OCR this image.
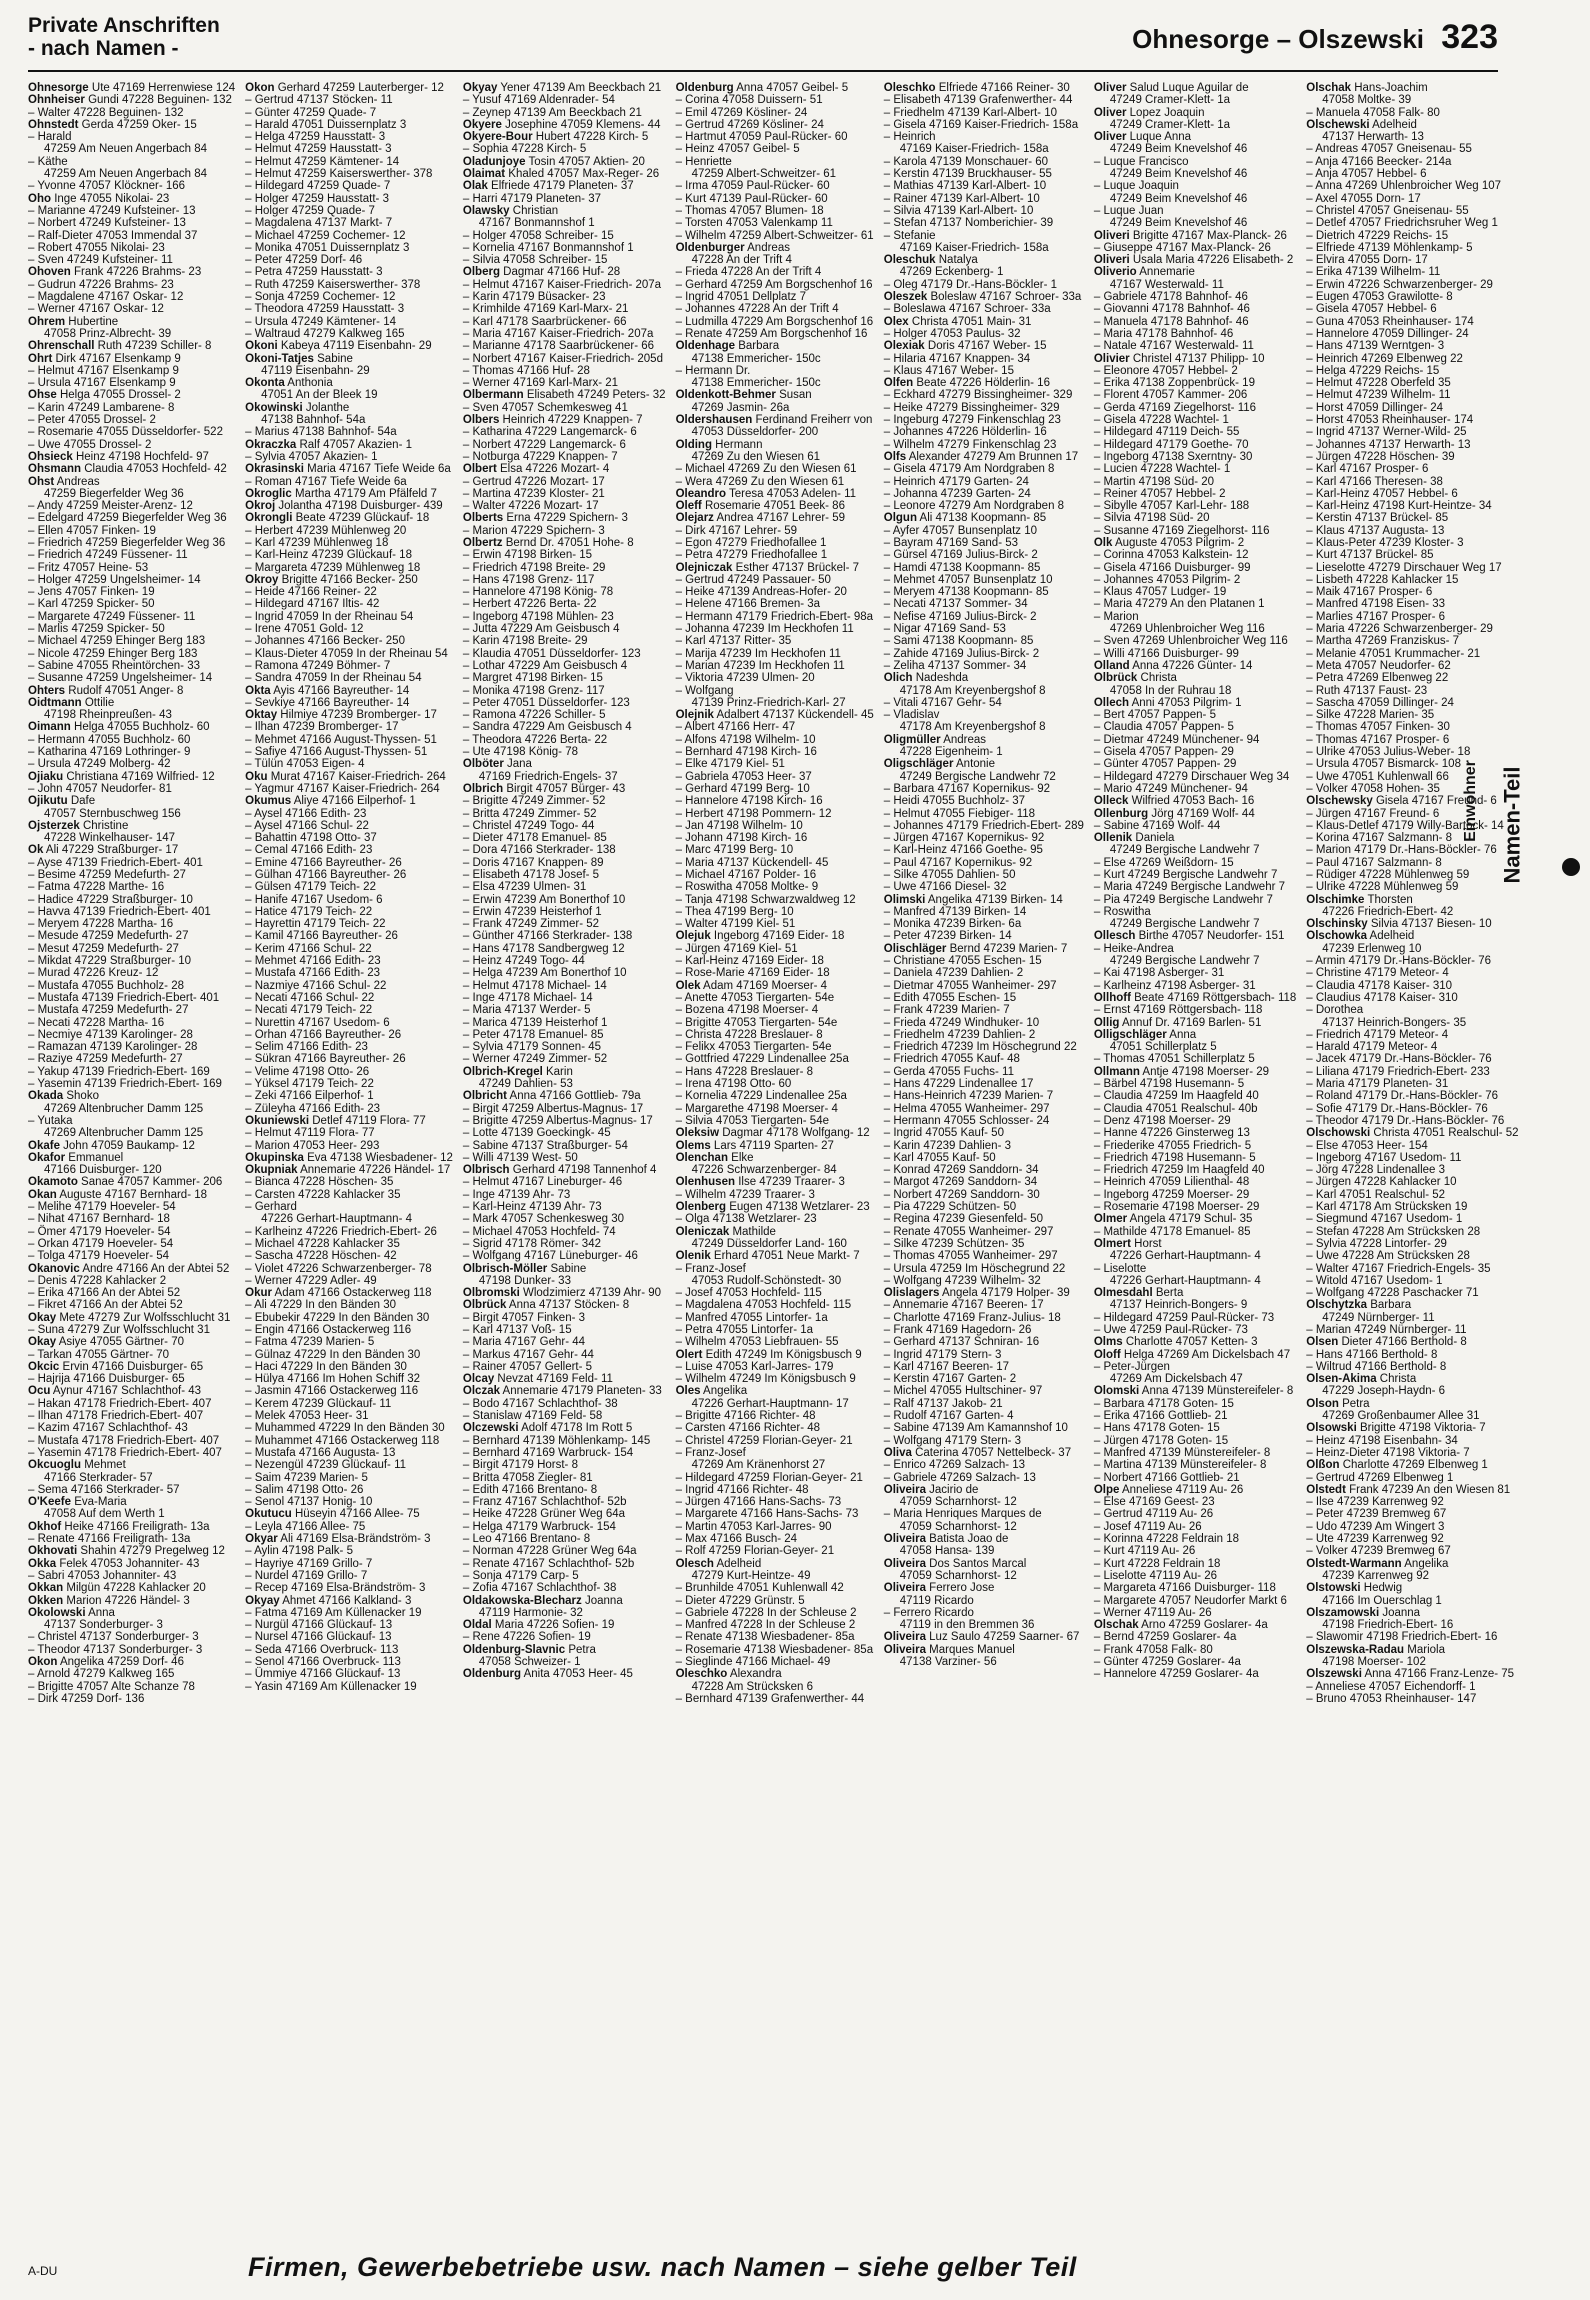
Private Anschriften
- nach Namen -	Ohnesorge – Olszewski 323
Ohnesorge Ute 47169 Herrenwiese 124
Ohnheiser Gundi 47228 Beguinen- 132
– Walter 47228 Beguinen- 132
Ohnstedt Gerda 47259 Oker- 15
– Harald
47259 Am Neuen Angerbach 84
– Käthe
47259 Am Neuen Angerbach 84
– Yvonne 47057 Klöckner- 166
Oho Inge 47055 Nikolai- 23
– Marianne 47249 Kufsteiner- 13
– Norbert 47249 Kufsteiner- 13
– Ralf-Dieter 47053 Immendal 37
– Robert 47055 Nikolai- 23
– Sven 47249 Kufsteiner- 11
Ohoven Frank 47226 Brahms- 23
– Gudrun 47226 Brahms- 23
– Magdalene 47167 Oskar- 12
– Werner 47167 Oskar- 12
Ohrem Hubertine
47058 Prinz-Albrecht- 39
Ohrenschall Ruth 47239 Schiller- 8
Ohrt Dirk 47167 Elsenkamp 9
– Helmut 47167 Elsenkamp 9
– Ursula 47167 Elsenkamp 9
Ohse Helga 47055 Drossel- 2
– Karin 47249 Lambarene- 8
– Peter 47055 Drossel- 2
– Rosemarie 47055 Düsseldorfer- 522
– Uwe 47055 Drossel- 2
Ohsieck Heinz 47198 Hochfeld- 97
Ohsmann Claudia 47053 Hochfeld- 42
Ohst Andreas
47259 Biegerfelder Weg 36
– Andy 47259 Meister-Arenz- 12
– Edelgard 47259 Biegerfelder Weg 36
– Ellen 47057 Finken- 19
– Friedrich 47259 Biegerfelder Weg 36
– Friedrich 47249 Füssener- 11
– Fritz 47057 Heine- 53
– Holger 47259 Ungelsheimer- 14
– Jens 47057 Finken- 19
– Karl 47259 Spicker- 50
– Margarete 47249 Füssener- 11
– Marlis 47259 Spicker- 50
– Michael 47259 Ehinger Berg 183
– Nicole 47259 Ehinger Berg 183
– Sabine 47055 Rheintörchen- 33
– Susanne 47259 Ungelsheimer- 14
Ohters Rudolf 47051 Anger- 8
Oidtmann Ottilie
47198 Rheinpreußen- 43
Oimann Helga 47055 Buchholz- 60
– Hermann 47055 Buchholz- 60
– Katharina 47169 Lothringer- 9
– Ursula 47249 Molberg- 42
Ojiaku Christiana 47169 Wilfried- 12
– John 47057 Neudorfer- 81
Ojikutu Dafe
47057 Sternbuschweg 156
Ojsterzek Christine
47228 Winkelhauser- 147
Ok Ali 47229 Straßburger- 17
– Ayse 47139 Friedrich-Ebert- 401
– Besime 47259 Medefurth- 27
– Fatma 47228 Marthe- 16
– Hadice 47229 Straßburger- 10
– Havva 47139 Friedrich-Ebert- 401
– Meryem 47228 Martha- 16
– Mesude 47259 Medefurth- 27
– Mesut 47259 Medefurth- 27
– Mikdat 47229 Straßburger- 10
– Murad 47226 Kreuz- 12
– Mustafa 47055 Buchholz- 28
– Mustafa 47139 Friedrich-Ebert- 401
– Mustafa 47259 Medefurth- 27
– Necati 47228 Martha- 16
– Necmiye 47139 Karolinger- 28
– Ramazan 47139 Karolinger- 28
– Raziye 47259 Medefurth- 27
– Yakup 47139 Friedrich-Ebert- 169
– Yasemin 47139 Friedrich-Ebert- 169
Okada Shoko
47269 Altenbrucher Damm 125
– Yutaka
47269 Altenbrucher Damm 125
Okafe John 47059 Baukamp- 12
Okafor Emmanuel
47166 Duisburger- 120
Okamoto Sanae 47057 Kammer- 206
Okan Auguste 47167 Bernhard- 18
– Melihe 47179 Hoeveler- 54
– Nihat 47167 Bernhard- 18
– Ömer 47179 Hoeveler- 54
– Orkan 47179 Hoeveler- 54
– Tolga 47179 Hoeveler- 54
Okanovic Andre 47166 An der Abtei 52
– Denis 47228 Kahlacker 2
– Erika 47166 An der Abtei 52
– Fikret 47166 An der Abtei 52
Okay Mete 47279 Zur Wolfsschlucht 31
– Suna 47279 Zur Wolfsschlucht 31
Okay Asiye 47055 Gärtner- 70
– Tarkan 47055 Gärtner- 70
Okcic Ervin 47166 Duisburger- 65
– Hajrija 47166 Duisburger- 65
Ocu Aynur 47167 Schlachthof- 43
– Hakan 47178 Friedrich-Ebert- 407
– Ilhan 47178 Friedrich-Ebert- 407
– Kazim 47167 Schlachthof- 43
– Mustafa 47178 Friedrich-Ebert- 407
– Yasemin 47178 Friedrich-Ebert- 407
Okcuoglu Mehmet
47166 Sterkrader- 57
– Sema 47166 Sterkrader- 57
O'Keefe Eva-Maria
47058 Auf dem Werth 1
Okhof Heike 47166 Freiligrath- 13a
– Renate 47166 Freiligrath- 13a
Okhovati Shahin 47279 Pregelweg 12
Okka Felek 47053 Johanniter- 43
– Sabri 47053 Johanniter- 43
Okkan Milgün 47228 Kahlacker 20
Okken Marion 47226 Händel- 3
Okolowski Anna
47137 Sonderburger- 3
– Christel 47137 Sonderburger- 3
– Theodor 47137 Sonderburger- 3
Okon Angelika 47259 Dorf- 46
– Arnold 47279 Kalkweg 165
– Brigitte 47057 Alte Schanze 78
– Dirk 47259 Dorf- 136
Okon Gerhard 47259 Lauterberger- 12
– Gertrud 47137 Stöcken- 11
– Günter 47259 Quade- 7
– Harald 47051 Duissernplatz 3
– Helga 47259 Hausstatt- 3
– Helmut 47259 Hausstatt- 3
– Helmut 47259 Kämtener- 14
– Helmut 47259 Kaiserswerther- 378
– Hildegard 47259 Quade- 7
– Holger 47259 Hausstatt- 3
– Holger 47259 Quade- 7
– Magdalena 47137 Markt- 7
– Michael 47259 Cochemer- 12
– Monika 47051 Duissernplatz 3
– Peter 47259 Dorf- 46
– Petra 47259 Hausstatt- 3
– Ruth 47259 Kaiserswerther- 378
– Sonja 47259 Cochemer- 12
– Theodora 47259 Hausstatt- 3
– Ursula 47249 Kämtener- 14
– Waltraud 47279 Kalkweg 165
Okoni Kabeya 47119 Eisenbahn- 29
Okoni-Tatjes Sabine
47119 Eisenbahn- 29
Okonta Anthonia
47051 An der Bleek 19
Okowinski Jolanthe
47138 Bahnhof- 54a
– Marius 47138 Bahnhof- 54a
Okraczka Ralf 47057 Akazien- 1
– Sylvia 47057 Akazien- 1
Okrasinski Maria 47167 Tiefe Weide 6a
– Roman 47167 Tiefe Weide 6a
Okroglic Martha 47179 Am Pfälfeld 7
Okroj Jolantha 47198 Duisburger- 439
Okrongli Beate 47239 Glückauf- 18
– Herbert 47239 Mühlenweg 20
– Karl 47239 Mühlenweg 18
– Karl-Heinz 47239 Glückauf- 18
– Margareta 47239 Mühlenweg 18
Okroy Brigitte 47166 Becker- 250
– Heide 47166 Reiner- 22
– Hildegard 47167 Iltis- 42
– Ingrid 47059 In der Rheinau 54
– Irene 47051 Gold- 12
– Johannes 47166 Becker- 250
– Klaus-Dieter 47059 In der Rheinau 54
– Ramona 47249 Böhmer- 7
– Sandra 47059 In der Rheinau 54
Okta Ayis 47166 Bayreuther- 14
– Sevkiye 47166 Bayreuther- 14
Oktay Hilmiye 47239 Bromberger- 17
– Ilhan 47239 Bromberger- 17
– Mehmet 47166 August-Thyssen- 51
– Safiye 47166 August-Thyssen- 51
– Tülün 47053 Eigen- 4
Oku Murat 47167 Kaiser-Friedrich- 264
– Yagmur 47167 Kaiser-Friedrich- 264
Okumus Aliye 47166 Eilperhof- 1
– Aysel 47166 Edith- 23
– Aysel 47166 Schul- 22
– Bahattin 47198 Otto- 37
– Cemal 47166 Edith- 23
– Emine 47166 Bayreuther- 26
– Gülhan 47166 Bayreuther- 26
– Gülsen 47179 Teich- 22
– Hanife 47167 Usedom- 6
– Hatice 47179 Teich- 22
– Hayrettin 47179 Teich- 22
– Kamil 47166 Bayreuther- 26
– Kerim 47166 Schul- 22
– Mehmet 47166 Edith- 23
– Mustafa 47166 Edith- 23
– Nazmiye 47166 Schul- 22
– Necati 47166 Schul- 22
– Necati 47179 Teich- 22
– Nurettin 47167 Usedom- 6
– Orhan 47166 Bayreuther- 26
– Selim 47166 Edith- 23
– Sükran 47166 Bayreuther- 26
– Velime 47198 Otto- 26
– Yüksel 47179 Teich- 22
– Zeki 47166 Eilperhof- 1
– Züleyha 47166 Edith- 23
Okuniewski Detlef 47119 Flora- 77
– Helmut 47119 Flora- 77
– Marion 47053 Heer- 293
Okupinska Eva 47138 Wiesbadener- 12
Okupniak Annemarie 47226 Händel- 17
– Bianca 47228 Höschen- 35
– Carsten 47228 Kahlacker 35
– Gerhard
47226 Gerhart-Hauptmann- 4
– Karlheinz 47226 Friedrich-Ebert- 26
– Michael 47228 Kahlacker 35
– Sascha 47228 Höschen- 42
– Violet 47226 Schwarzenberger- 78
– Werner 47229 Adler- 49
Okur Adam 47166 Ostackerweg 118
– Ali 47229 In den Bänden 30
– Ebubekir 47229 In den Bänden 30
– Engin 47166 Ostackerweg 116
– Fatma 47239 Marien- 5
– Gülnaz 47229 In den Bänden 30
– Haci 47229 In den Bänden 30
– Hülya 47166 Im Hohen Schiff 32
– Jasmin 47166 Ostackerweg 116
– Kerem 47239 Glückauf- 11
– Melek 47053 Heer- 31
– Muhammed 47229 In den Bänden 30
– Muhammet 47166 Ostackerweg 118
– Mustafa 47166 Augusta- 13
– Nezengül 47239 Glückauf- 11
– Saim 47239 Marien- 5
– Salim 47198 Otto- 26
– Senol 47137 Honig- 10
Okutucu Hüseyin 47166 Allee- 75
– Leyla 47166 Allee- 75
Okyar Ali 47169 Elsa-Brändström- 3
– Aylin 47198 Palk- 5
– Hayriye 47169 Grillo- 7
– Nurdel 47169 Grillo- 7
– Recep 47169 Elsa-Brändström- 3
Okyay Ahmet 47166 Kalkland- 3
– Fatma 47169 Am Küllenacker 19
– Nurgül 47166 Glückauf- 13
– Nursel 47166 Glückauf- 13
– Seda 47166 Overbruck- 113
– Senol 47166 Overbruck- 113
– Ümmiye 47166 Glückauf- 13
– Yasin 47169 Am Küllenacker 19
Okyay Yener 47139 Am Beeckbach 21
– Yusuf 47169 Aldenrader- 54
– Zeynep 47139 Am Beeckbach 21
Okyere Josephine 47059 Klemens- 44
Okyere-Bour Hubert 47228 Kirch- 5
– Sophia 47228 Kirch- 5
Oladunjoye Tosin 47057 Aktien- 20
Olaimat Khaled 47057 Max-Reger- 26
Olak Elfriede 47179 Planeten- 37
– Harri 47179 Planeten- 37
Olawsky Christian
47167 Bonmannshof 1
– Holger 47058 Schreiber- 15
– Kornelia 47167 Bonmannshof 1
– Silvia 47058 Schreiber- 15
Olberg Dagmar 47166 Huf- 28
– Helmut 47167 Kaiser-Friedrich- 207a
– Karin 47179 Büsacker- 23
– Krimhilde 47169 Karl-Marx- 21
– Karl 47178 Saarbrückener- 66
– Maria 47167 Kaiser-Friedrich- 207a
– Marianne 47178 Saarbrückener- 66
– Norbert 47167 Kaiser-Friedrich- 205d
– Thomas 47166 Huf- 28
– Werner 47169 Karl-Marx- 21
Olbermann Elisabeth 47249 Peters- 32
– Sven 47057 Schemkesweg 41
Olbers Heinrich 47229 Knappen- 7
– Katharina 47229 Langemarck- 6
– Norbert 47229 Langemarck- 6
– Notburga 47229 Knappen- 7
Olbert Elsa 47226 Mozart- 4
– Gertrud 47226 Mozart- 17
– Martina 47239 Kloster- 21
– Walter 47226 Mozart- 17
Olberts Erna 47229 Spichern- 3
– Marion 47229 Spichern- 3
Olbertz Bernd Dr. 47051 Hohe- 8
– Erwin 47198 Birken- 15
– Friedrich 47198 Breite- 29
– Hans 47198 Grenz- 117
– Hannelore 47198 König- 78
– Herbert 47226 Berta- 22
– Ingeborg 47198 Mühlen- 23
– Jutta 47229 Am Geisbusch 4
– Karin 47198 Breite- 29
– Klaudia 47051 Düsseldorfer- 123
– Lothar 47229 Am Geisbusch 4
– Margret 47198 Birken- 15
– Monika 47198 Grenz- 117
– Peter 47051 Düsseldorfer- 123
– Ramona 47226 Schiller- 5
– Sandra 47229 Am Geisbusch 4
– Theodora 47226 Berta- 22
– Ute 47198 König- 78
Olböter Jana
47169 Friedrich-Engels- 37
Olbrich Birgit 47057 Bürger- 43
– Brigitte 47249 Zimmer- 52
– Britta 47249 Zimmer- 52
– Christel 47249 Togo- 44
– Dieter 47178 Emanuel- 85
– Dora 47166 Sterkrader- 138
– Doris 47167 Knappen- 89
– Elisabeth 47178 Josef- 5
– Elsa 47239 Ulmen- 31
– Erwin 47239 Am Bonerthof 10
– Erwin 47239 Heisterhof 1
– Frank 47249 Zimmer- 52
– Günther 47166 Sterkrader- 138
– Hans 47178 Sandbergweg 12
– Heinz 47249 Togo- 44
– Helga 47239 Am Bonerthof 10
– Helmut 47178 Michael- 14
– Inge 47178 Michael- 14
– Maria 47137 Werder- 5
– Marica 47139 Heisterhof 1
– Peter 47178 Emanuel- 85
– Sylvia 47179 Sonnen- 45
– Werner 47249 Zimmer- 52
Olbrich-Kregel Karin
47249 Dahlien- 53
Olbricht Anna 47166 Gottlieb- 79a
– Birgit 47259 Albertus-Magnus- 17
– Brigitte 47259 Albertus-Magnus- 17
– Lotte 47139 Goeckingk- 45
– Sabine 47137 Straßburger- 54
– Willi 47139 West- 50
Olbrisch Gerhard 47198 Tannenhof 4
– Helmut 47167 Lineburger- 46
– Inge 47139 Ahr- 73
– Karl-Heinz 47139 Ahr- 73
– Mark 47057 Schenkesweg 30
– Michael 47053 Hochfeld- 74
– Sigrid 47178 Römer- 342
– Wolfgang 47167 Lüneburger- 46
Olbrisch-Möller Sabine
47198 Dunker- 33
Olbromski Wlodzimierz 47139 Ahr- 90
Olbrück Anna 47137 Stöcken- 8
– Birgit 47057 Finken- 3
– Karl 47137 Voß- 15
– Maria 47167 Gehr- 44
– Markus 47167 Gehr- 44
– Rainer 47057 Gellert- 5
Olcay Nevzat 47169 Feld- 11
Olczak Annemarie 47179 Planeten- 33
– Bodo 47167 Schlachthof- 38
– Stanislaw 47169 Feld- 58
Olczewski Adolf 47178 Im Rott 5
– Bernhard 47139 Möhlenkamp- 145
– Bernhard 47169 Warbruck- 154
– Birgit 47179 Horst- 8
– Britta 47058 Ziegler- 81
– Edith 47166 Brentano- 8
– Franz 47167 Schlachthof- 52b
– Heike 47228 Grüner Weg 64a
– Helga 47179 Warbruck- 154
– Leo 47166 Brentano- 8
– Norman 47228 Grüner Weg 64a
– Renate 47167 Schlachthof- 52b
– Sonja 47179 Carp- 5
– Zofia 47167 Schlachthof- 38
Oldakowska-Blecharz Joanna
47119 Harmonie- 32
Oldal Maria 47226 Sofien- 19
– Rene 47226 Sofien- 19
Oldenburg-Slavnic Petra
47058 Schweizer- 1
Oldenburg Anita 47053 Heer- 45
Oldenburg Anna 47057 Geibel- 5
– Corina 47058 Duissern- 51
– Emil 47269 Kösliner- 24
– Gertrud 47269 Kösliner- 24
– Hartmut 47059 Paul-Rücker- 60
– Heinz 47057 Geibel- 5
– Henriette
47259 Albert-Schweitzer- 61
– Irma 47059 Paul-Rücker- 60
– Kurt 47139 Paul-Rücker- 60
– Thomas 47057 Blumen- 18
– Torsten 47053 Valenkamp 11
– Wilhelm 47259 Albert-Schweitzer- 61
Oldenburger Andreas
47228 An der Trift 4
– Frieda 47228 An der Trift 4
– Gerhard 47259 Am Borgschenhof 16
– Ingrid 47051 Dellplatz 7
– Johannes 47228 An der Trift 4
– Ludmilla 47229 Am Borgschenhof 16
– Renate 47259 Am Borgschenhof 16
Oldenhage Barbara
47138 Emmericher- 150c
– Hermann Dr.
47138 Emmericher- 150c
Oldenkott-Behmer Susan
47269 Jasmin- 26a
Oldershausen Ferdinand Freiherr von
47053 Düsseldorfer- 200
Olding Hermann
47269 Zu den Wiesen 61
– Michael 47269 Zu den Wiesen 61
– Wera 47269 Zu den Wiesen 61
Oleandro Teresa 47053 Adelen- 11
Oleff Rosemarie 47051 Beek- 86
Olejarz Andrea 47167 Lehrer- 59
– Dirk 47167 Lehrer- 59
– Egon 47279 Friedhofallee 1
– Petra 47279 Friedhofallee 1
Olejniczak Esther 47137 Brückel- 7
– Gertrud 47249 Passauer- 50
– Heike 47139 Andreas-Hofer- 20
– Helene 47166 Bremen- 3a
– Hermann 47179 Friedrich-Ebert- 98a
– Johanna 47239 Im Heckhofen 11
– Karl 47137 Ritter- 35
– Marija 47239 Im Heckhofen 11
– Marian 47239 Im Heckhofen 11
– Viktoria 47239 Ulmen- 20
– Wolfgang
47139 Prinz-Friedrich-Karl- 27
Olejnik Adalbert 47137 Kückendell- 45
– Albert 47166 Herr- 47
– Alfons 47198 Wilhelm- 10
– Bernhard 47198 Kirch- 16
– Elke 47179 Kiel- 51
– Gabriela 47053 Heer- 37
– Gerhard 47199 Berg- 10
– Hannelore 47198 Kirch- 16
– Herbert 47198 Pommern- 12
– Jan 47198 Wilhelm- 10
– Johann 47198 Kirch- 16
– Marc 47199 Berg- 10
– Maria 47137 Kückendell- 45
– Michael 47167 Polder- 16
– Roswitha 47058 Moltke- 9
– Tanja 47198 Schwarzwaldweg 12
– Thea 47199 Berg- 10
– Walter 47199 Kiel- 51
Olejuk Ingeborg 47169 Eider- 18
– Jürgen 47169 Kiel- 51
– Karl-Heinz 47169 Eider- 18
– Rose-Marie 47169 Eider- 18
Olek Adam 47169 Moerser- 4
– Anette 47053 Tiergarten- 54e
– Bozena 47198 Moerser- 4
– Brigitte 47053 Tiergarten- 54e
– Christa 47228 Breslauer- 8
– Felikx 47053 Tiergarten- 54e
– Gottfried 47229 Lindenallee 25a
– Hans 47228 Breslauer- 8
– Irena 47198 Otto- 60
– Kornelia 47229 Lindenallee 25a
– Margarethe 47198 Moerser- 4
– Silvia 47053 Tiergarten- 54e
Oleksiw Dagmar 47178 Wolfgang- 12
Olems Lars 47119 Sparten- 27
Olenchan Elke
47226 Schwarzenberger- 84
Olenhusen Ilse 47239 Traarer- 3
– Wilhelm 47239 Traarer- 3
Olenberg Eugen 47138 Wetzlarer- 23
– Olga 47138 Wetzlarer- 23
Oleniczak Mathilde
47249 Düsseldorfer Land- 160
Olenik Erhard 47051 Neue Markt- 7
– Franz-Josef
47053 Rudolf-Schönstedt- 30
– Josef 47053 Hochfeld- 115
– Magdalena 47053 Hochfeld- 115
– Manfred 47055 Lintorfer- 1a
– Petra 47055 Lintorfer- 1a
– Wilhelm 47053 Liebfrauen- 55
Olert Edith 47249 Im Königsbusch 9
– Luise 47053 Karl-Jarres- 179
– Wilhelm 47249 Im Königsbusch 9
Oles Angelika
47226 Gerhart-Hauptmann- 17
– Brigitte 47166 Richter- 48
– Carsten 47166 Richter- 48
– Christel 47259 Florian-Geyer- 21
– Franz-Josef
47269 Am Kränenhorst 27
– Hildegard 47259 Florian-Geyer- 21
– Ingrid 47166 Richter- 48
– Jürgen 47166 Hans-Sachs- 73
– Margarete 47166 Hans-Sachs- 73
– Martin 47053 Karl-Jarres- 90
– Max 47166 Busch- 24
– Rolf 47259 Florian-Geyer- 21
Olesch Adelheid
47279 Kurt-Heintze- 49
– Brunhilde 47051 Kuhlenwall 42
– Dieter 47229 Grünstr. 5
– Gabriele 47228 In der Schleuse 2
– Manfred 47228 In der Schleuse 2
– Renate 47138 Wiesbadener- 85a
– Rosemarie 47138 Wiesbadener- 85a
– Sieglinde 47166 Michael- 49
Oleschko Alexandra
47228 Am Strücksken 6
– Bernhard 47139 Grafenwerther- 44
Oleschko Elfriede 47166 Reiner- 30
– Elisabeth 47139 Grafenwerther- 44
– Friedhelm 47139 Karl-Albert- 10
– Gisela 47169 Kaiser-Friedrich- 158a
– Heinrich
47169 Kaiser-Friedrich- 158a
– Karola 47139 Monschauer- 60
– Kerstin 47139 Bruckhauser- 55
– Mathias 47139 Karl-Albert- 10
– Rainer 47139 Karl-Albert- 10
– Silvia 47139 Karl-Albert- 10
– Stefan 47137 Nomberichier- 39
– Stefanie
47169 Kaiser-Friedrich- 158a
Oleschuk Natalya
47269 Eckenberg- 1
– Oleg 47179 Dr.-Hans-Böckler- 1
Oleszek Boleslaw 47167 Schroer- 33a
– Boleslawa 47167 Schroer- 33a
Olex Christa 47051 Main- 31
– Holger 47053 Paulus- 32
Olexiak Doris 47167 Weber- 15
– Hilaria 47167 Knappen- 34
– Klaus 47167 Weber- 15
Olfen Beate 47226 Hölderlin- 16
– Eckhard 47279 Bissingheimer- 329
– Heike 47279 Bissingheimer- 329
– Ingeburg 47279 Finkenschlag 23
– Johannes 47226 Hölderlin- 16
– Wilhelm 47279 Finkenschlag 23
Olfs Alexander 47279 Am Brunnen 17
– Gisela 47179 Am Nordgraben 8
– Heinrich 47179 Garten- 24
– Johanna 47239 Garten- 24
– Leonore 47279 Am Nordgraben 8
Olgun Ali 47138 Koopmann- 85
– Ayfer 47057 Bunsenplatz 10
– Bayram 47169 Sand- 53
– Gürsel 47169 Julius-Birck- 2
– Hamdi 47138 Koopmann- 85
– Mehmet 47057 Bunsenplatz 10
– Meryem 47138 Koopmann- 85
– Necati 47137 Sommer- 34
– Nefise 47169 Julius-Birck- 2
– Nigar 47169 Sand- 53
– Sami 47138 Koopmann- 85
– Zahide 47169 Julius-Birck- 2
– Zeliha 47137 Sommer- 34
Olich Nadeshda
47178 Am Kreyenbergshof 8
– Vitali 47167 Gehr- 54
– Vladislav
47178 Am Kreyenbergshof 8
Oligmüller Andreas
47228 Eigenheim- 1
Oligschläger Antonie
47249 Bergische Landwehr 72
– Barbara 47167 Kopernikus- 92
– Heidi 47055 Buchholz- 37
– Helmut 47055 Fiebiger- 118
– Johannes 47179 Friedrich-Ebert- 289
– Jürgen 47167 Kopernikus- 92
– Karl-Heinz 47166 Goethe- 95
– Paul 47167 Kopernikus- 92
– Silke 47055 Dahlien- 50
– Uwe 47166 Diesel- 32
Olimski Angelika 47139 Birken- 14
– Manfred 47139 Birken- 14
– Monika 47239 Birken- 6a
– Peter 47239 Birken- 14
Olischläger Bernd 47239 Marien- 7
– Christiane 47055 Eschen- 15
– Daniela 47239 Dahlien- 2
– Dietmar 47055 Wanheimer- 297
– Edith 47055 Eschen- 15
– Frank 47239 Marien- 7
– Frieda 47249 Windhuker- 10
– Friedhelm 47239 Dahlien- 2
– Friedrich 47239 Im Höschegrund 22
– Friedrich 47055 Kauf- 48
– Gerda 47055 Fuchs- 11
– Hans 47229 Lindenallee 17
– Hans-Heinrich 47239 Marien- 7
– Helma 47055 Wanheimer- 297
– Hermann 47055 Schlosser- 24
– Ingrid 47055 Kauf- 50
– Karin 47239 Dahlien- 3
– Karl 47055 Kauf- 50
– Konrad 47269 Sanddorn- 34
– Margot 47269 Sanddorn- 34
– Norbert 47269 Sanddorn- 30
– Pia 47229 Schützen- 50
– Regina 47239 Giesenfeld- 50
– Renate 47055 Wanheimer- 297
– Silke 47239 Schützen- 35
– Thomas 47055 Wanheimer- 297
– Ursula 47259 Im Höschegrund 22
– Wolfgang 47239 Wilhelm- 32
Olislagers Angela 47179 Holper- 39
– Annemarie 47167 Beeren- 17
– Charlotte 47169 Franz-Julius- 18
– Frank 47169 Hagedorn- 26
– Gerhard 47137 Schniran- 16
– Ingrid 47179 Stern- 3
– Karl 47167 Beeren- 17
– Kerstin 47167 Garten- 2
– Michel 47055 Hultschiner- 97
– Ralf 47137 Jakob- 21
– Rudolf 47167 Garten- 4
– Sabine 47139 Am Kamannshof 10
– Wolfgang 47179 Stern- 3
Oliva Caterina 47057 Nettelbeck- 37
– Enrico 47269 Salzach- 13
– Gabriele 47269 Salzach- 13
Oliveira Jacirio de
47059 Scharnhorst- 12
– Maria Henriques Marques de
47059 Scharnhorst- 12
Oliveira Batista Joao de
47058 Hansa- 139
Oliveira Dos Santos Marcal
47059 Scharnhorst- 12
Oliveira Ferrero Jose
47119 Ricardo
– Ferrero Ricardo
47119 in den Bremmen 36
Oliveira Luz Saulo 47259 Saarner- 67
Oliveira Marques Manuel
47138 Varziner- 56
Oliver Salud Luque Aguilar de
47249 Cramer-Klett- 1a
Oliver Lopez Joaquin
47249 Cramer-Klett- 1a
Oliver Luque Anna
47249 Beim Knevelshof 46
– Luque Francisco
47249 Beim Knevelshof 46
– Luque Joaquin
47249 Beim Knevelshof 46
– Luque Juan
47249 Beim Knevelshof 46
Oliveri Brigitte 47167 Max-Planck- 26
– Giuseppe 47167 Max-Planck- 26
Oliveri Usala Maria 47226 Elisabeth- 2
Oliverio Annemarie
47167 Westerwald- 11
– Gabriele 47178 Bahnhof- 46
– Giovanni 47178 Bahnhof- 46
– Manuela 47178 Bahnhof- 46
– Maria 47178 Bahnhof- 46
– Natale 47167 Westerwald- 11
Olivier Christel 47137 Philipp- 10
– Eleonore 47057 Hebbel- 2
– Erika 47138 Zoppenbrück- 19
– Florent 47057 Kammer- 206
– Gerda 47169 Ziegelhorst- 116
– Gisela 47228 Wachtel- 1
– Hildegard 47119 Deich- 55
– Hildegard 47179 Goethe- 70
– Ingeborg 47138 Sxerntny- 30
– Lucien 47228 Wachtel- 1
– Martin 47198 Süd- 20
– Reiner 47057 Hebbel- 2
– Sibylle 47057 Karl-Lehr- 188
– Silvia 47198 Süd- 20
– Susanne 47169 Ziegelhorst- 116
Olk Auguste 47053 Pilgrim- 2
– Corinna 47053 Kalkstein- 12
– Gisela 47166 Duisburger- 99
– Johannes 47053 Pilgrim- 2
– Klaus 47057 Ludger- 19
– Maria 47279 An den Platanen 1
– Marion
47269 Uhlenbroicher Weg 116
– Sven 47269 Uhlenbroicher Weg 116
– Willi 47166 Duisburger- 99
Olland Anna 47226 Günter- 14
Olbrück Christa
47058 In der Ruhrau 18
Ollech Anni 47053 Pilgrim- 1
– Bert 47057 Pappen- 5
– Claudia 47057 Pappen- 5
– Dietmar 47249 Münchener- 94
– Gisela 47057 Pappen- 29
– Günter 47057 Pappen- 29
– Hildegard 47279 Dirschauer Weg 34
– Mario 47249 Münchener- 94
Olleck Wilfried 47053 Bach- 16
Ollenburg Jörg 47169 Wolf- 44
– Sabine 47169 Wolf- 44
Ollenik Daniela
47249 Bergische Landwehr 7
– Else 47269 Weißdorn- 15
– Kurt 47249 Bergische Landwehr 7
– Maria 47249 Bergische Landwehr 7
– Pia 47249 Bergische Landwehr 7
– Roswitha
47249 Bergische Landwehr 7
Ollesch Birthe 47057 Neudorfer- 151
– Heike-Andrea
47249 Bergische Landwehr 7
– Kai 47198 Asberger- 31
– Karlheinz 47198 Asberger- 31
Ollhoff Beate 47169 Röttgersbach- 118
– Ernst 47169 Röttgersbach- 118
Ollig Annuf Dr. 47169 Barlen- 51
Olligschläger Anna
47051 Schillerplatz 5
– Thomas 47051 Schillerplatz 5
Ollmann Antje 47198 Moerser- 29
– Bärbel 47198 Husemann- 5
– Claudia 47259 Im Haagfeld 40
– Claudia 47051 Realschul- 40b
– Denz 47198 Moerser- 29
– Hanne 47226 Ginsterweg 13
– Friederike 47055 Friedrich- 5
– Friedrich 47198 Husemann- 5
– Friedrich 47259 Im Haagfeld 40
– Heinrich 47059 Lilienthal- 48
– Ingeborg 47259 Moerser- 29
– Rosemarie 47198 Moerser- 29
Olmer Angela 47179 Schul- 35
– Mathilde 47178 Emanuel- 85
Olmert Horst
47226 Gerhart-Hauptmann- 4
– Liselotte
47226 Gerhart-Hauptmann- 4
Olmesdahl Berta
47137 Heinrich-Bongers- 9
– Hildegard 47259 Paul-Rücker- 73
– Uwe 47259 Paul-Rücker- 73
Olms Charlotte 47057 Ketten- 3
Oloff Helga 47269 Am Dickelsbach 47
– Peter-Jürgen
47269 Am Dickelsbach 47
Olomski Anna 47139 Münstereifeler- 8
– Barbara 47178 Goten- 15
– Erika 47166 Gottlieb- 21
– Hans 47178 Goten- 15
– Jürgen 47178 Goten- 15
– Manfred 47139 Münstereifeler- 8
– Martina 47139 Münstereifeler- 8
– Norbert 47166 Gottlieb- 21
Olpe Anneliese 47119 Au- 26
– Else 47169 Geest- 23
– Gertrud 47119 Au- 26
– Josef 47119 Au- 26
– Korinna 47228 Feldrain 18
– Kurt 47119 Au- 26
– Kurt 47228 Feldrain 18
– Liselotte 47119 Au- 26
– Margareta 47166 Duisburger- 118
– Margarete 47057 Neudorfer Markt 6
– Werner 47119 Au- 26
Olschak Arno 47259 Goslarer- 4a
– Bernd 47259 Goslarer- 4a
– Frank 47058 Falk- 80
– Günter 47259 Goslarer- 4a
– Hannelore 47259 Goslarer- 4a
Olschak Hans-Joachim
47058 Moltke- 39
– Manuela 47058 Falk- 80
Olschewski Adelheid
47137 Herwarth- 13
– Andreas 47057 Gneisenau- 55
– Anja 47166 Beecker- 214a
– Anja 47057 Hebbel- 6
– Anna 47269 Uhlenbroicher Weg 107
– Axel 47055 Dorn- 17
– Christel 47057 Gneisenau- 55
– Detlef 47057 Friedrichsruher Weg 1
– Dietrich 47229 Reichs- 15
– Elfriede 47139 Möhlenkamp- 5
– Elvira 47055 Dorn- 17
– Erika 47139 Wilhelm- 11
– Erwin 47226 Schwarzenberger- 29
– Eugen 47053 Grawilotte- 8
– Gisela 47057 Hebbel- 6
– Guna 47053 Rheinhauser- 174
– Hannelore 47059 Dillinger- 24
– Hans 47139 Werntgen- 3
– Heinrich 47269 Elbenweg 22
– Helga 47229 Reichs- 15
– Helmut 47228 Oberfeld 35
– Helmut 47239 Wilhelm- 11
– Horst 47059 Dillinger- 24
– Horst 47053 Rheinhauser- 174
– Ingrid 47137 Werner-Wild- 25
– Johannes 47137 Herwarth- 13
– Jürgen 47228 Höschen- 39
– Karl 47167 Prosper- 6
– Karl 47166 Theresen- 38
– Karl-Heinz 47057 Hebbel- 6
– Karl-Heinz 47198 Kurt-Heintze- 34
– Kerstin 47137 Brückel- 85
– Klaus 47137 Augusta- 13
– Klaus-Peter 47239 Kloster- 3
– Kurt 47137 Brückel- 85
– Lieselotte 47279 Dirschauer Weg 17
– Lisbeth 47228 Kahlacker 15
– Maik 47167 Prosper- 6
– Manfred 47198 Eisen- 33
– Marlies 47167 Prosper- 6
– Maria 47226 Schwarzenberger- 29
– Martha 47269 Franziskus- 7
– Melanie 47051 Krummacher- 21
– Meta 47057 Neudorfer- 62
– Petra 47269 Elbenweg 22
– Ruth 47137 Faust- 23
– Sascha 47059 Dillinger- 24
– Silke 47228 Marien- 35
– Thomas 47057 Finken- 30
– Thomas 47167 Prosper- 6
– Ulrike 47053 Julius-Weber- 18
– Ursula 47057 Bismarck- 108
– Uwe 47051 Kuhlenwall 66
– Volker 47058 Hohen- 35
Olschewsky Gisela 47167 Freund- 6
– Jürgen 47167 Freund- 6
– Klaus-Detlef 47179 Willy-Bartock- 14
– Korina 47167 Salzmann- 8
– Marion 47179 Dr.-Hans-Böckler- 76
– Paul 47167 Salzmann- 8
– Rüdiger 47228 Mühlenweg 59
– Ulrike 47228 Mühlenweg 59
Olschimke Thorsten
47226 Friedrich-Ebert- 42
Olschinsky Silvia 47137 Biesen- 10
Olschowka Adelheid
47239 Erlenweg 10
– Armin 47179 Dr.-Hans-Böckler- 76
– Christine 47179 Meteor- 4
– Claudia 47178 Kaiser- 310
– Claudius 47178 Kaiser- 310
– Dorothea
47137 Heinrich-Bongers- 35
– Friedrich 47179 Meteor- 4
– Harald 47179 Meteor- 4
– Jacek 47179 Dr.-Hans-Böckler- 76
– Liliana 47179 Friedrich-Ebert- 233
– Maria 47179 Planeten- 31
– Roland 47179 Dr.-Hans-Böckler- 76
– Sofie 47179 Dr.-Hans-Böckler- 76
– Theodor 47179 Dr.-Hans-Böckler- 76
Olschowski Christa 47051 Realschul- 52
– Else 47053 Heer- 154
– Ingeborg 47167 Usedom- 11
– Jörg 47228 Lindenallee 3
– Jürgen 47228 Kahlacker 10
– Karl 47051 Realschul- 52
– Karl 47178 Am Strücksken 19
– Siegmund 47167 Usedom- 1
– Stefan 47228 Am Strücksken 28
– Sylvia 47228 Lintorfer- 29
– Uwe 47228 Am Strücksken 28
– Walter 47167 Friedrich-Engels- 35
– Witold 47167 Usedom- 1
– Wolfgang 47228 Paschacker 71
Olschytzka Barbara
47249 Nürnberger- 11
– Marian 47249 Nürnberger- 11
Olsen Dieter 47166 Berthold- 8
– Hans 47166 Berthold- 8
– Wiltrud 47166 Berthold- 8
Olsen-Akima Christa
47229 Joseph-Haydn- 6
Olson Petra
47269 Großenbaumer Allee 31
Olsowski Brigitte 47198 Viktoria- 7
– Heinz 47198 Eisenbahn- 34
– Heinz-Dieter 47198 Viktoria- 7
Olßon Charlotte 47269 Elbenweg 1
– Gertrud 47269 Elbenweg 1
Olstedt Frank 47239 An den Wiesen 81
– Ilse 47239 Karrenweg 92
– Peter 47239 Bremweg 67
– Udo 47239 Am Wingert 3
– Ute 47239 Karrenweg 92
– Volker 47239 Bremweg 67
Olstedt-Warmann Angelika
47239 Karrenweg 92
Olstowski Hedwig
47166 Im Ouerschlag 1
Olszamowski Joanna
47198 Friedrich-Ebert- 16
– Slawomir 47198 Friedrich-Ebert- 16
Olszewska-Radau Mariola
47198 Moerser- 102
Olszewski Anna 47166 Franz-Lenze- 75
– Anneliese 47057 Eichendorff- 1
– Bruno 47053 Rheinhauser- 147
Einwohner Namen-Teil
A-DU	Firmen, Gewerbebetriebe usw. nach Namen – siehe gelber Teil
